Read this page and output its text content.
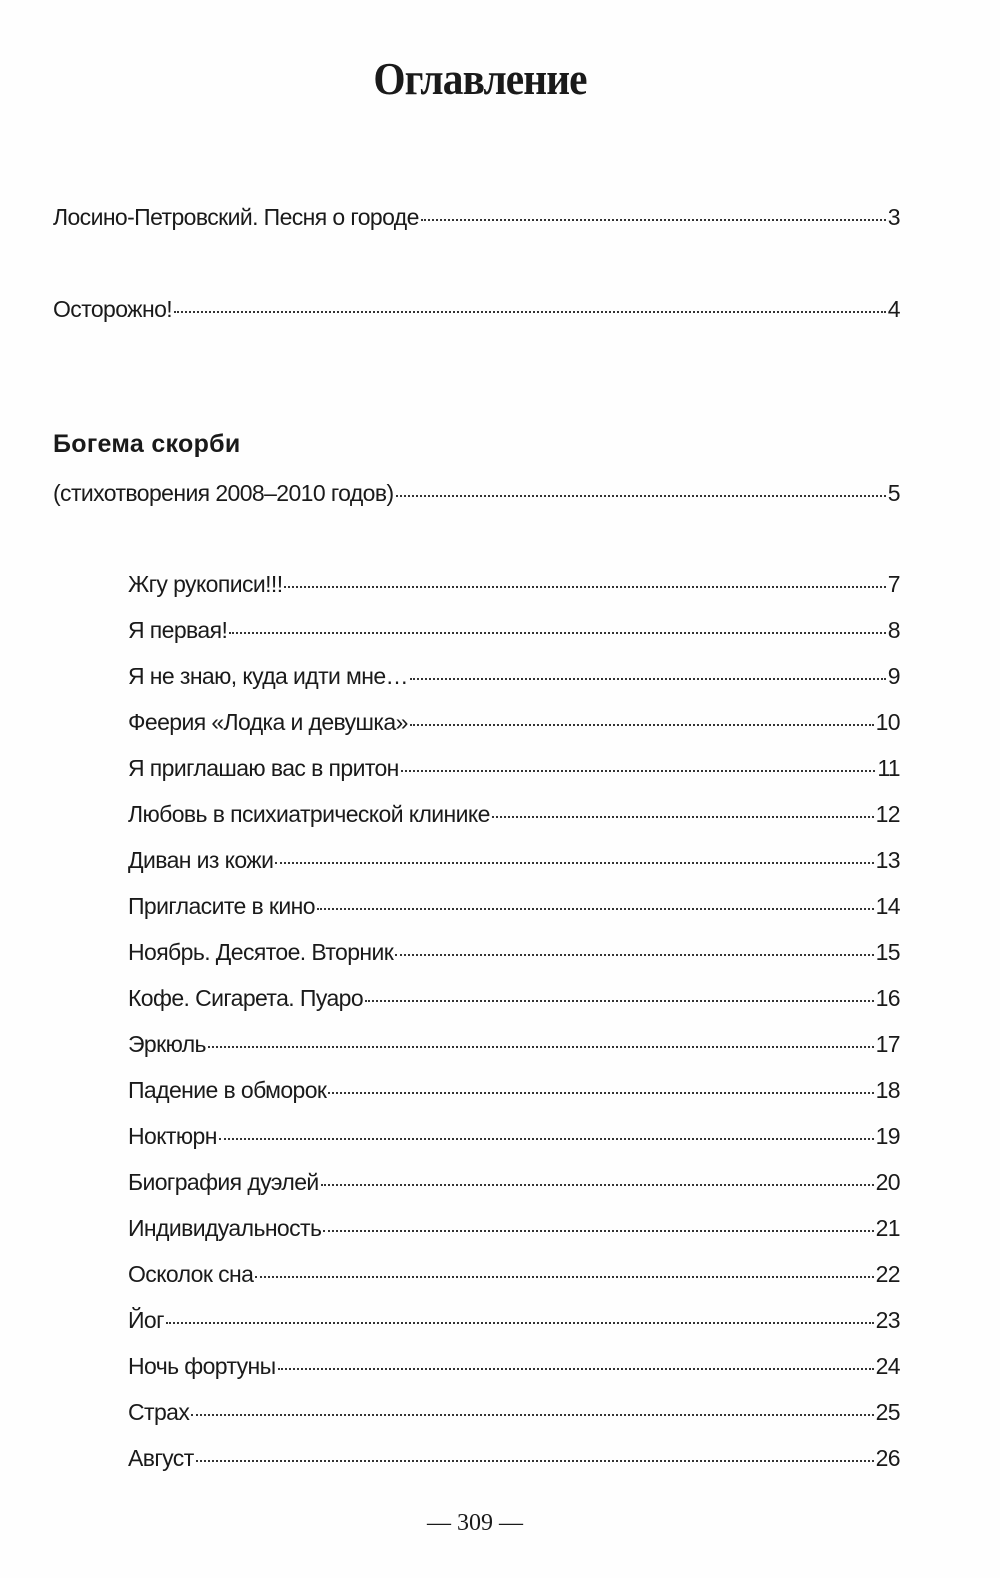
Оглавление
Лосино-Петровский. Песня о городе	3
Осторожно!	4
Богема скорби
(стихотворения 2008–2010 годов)	5
Жгу рукописи!!!	7
Я первая!	8
Я не знаю, куда идти мне…	9
Феерия «Лодка и девушка»	10
Я приглашаю вас в притон	11
Любовь в психиатрической клинике	12
Диван из кожи	13
Пригласите в кино	14
Ноябрь. Десятое. Вторник	15
Кофе. Сигарета. Пуаро	16
Эркюль	17
Падение в обморок	18
Ноктюрн	19
Биография дуэлей	20
Индивидуальность	21
Осколок сна	22
Йог	23
Ночь фортуны	24
Страх	25
Август	26
— 309 —
